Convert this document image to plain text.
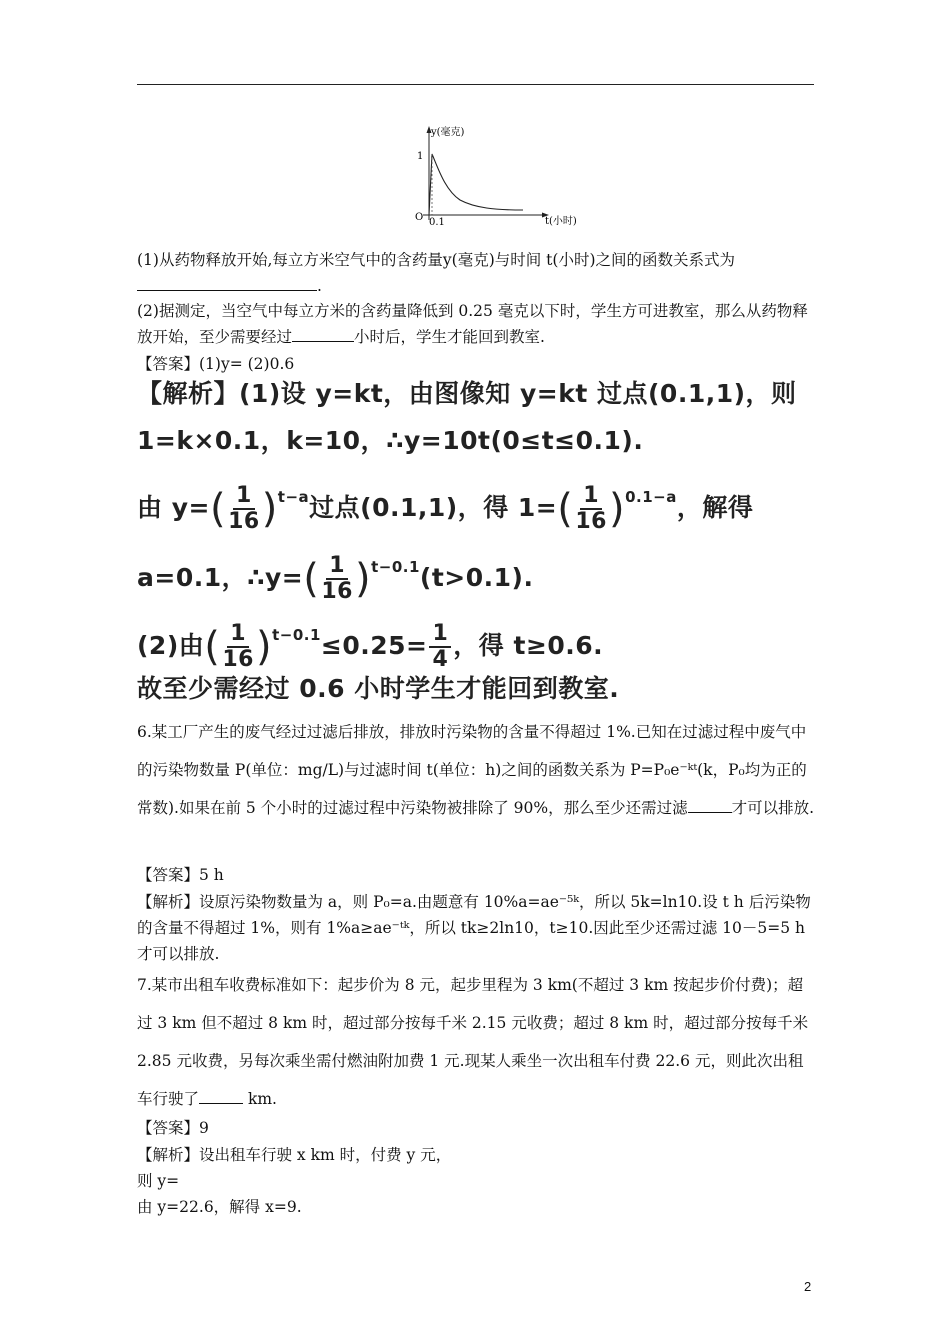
y(毫克)
t(小时)
1
0.1
O
(1)从药物释放开始,每立方米空气中的含药量y(毫克)与时间 t(小时)之间的函数关系式为.
(2)据测定，当空气中每立方米的含药量降低到 0.25 毫克以下时，学生方可进教室，那么从药物释放开始，至少需要经过	小时后，学生才能回到教室.
【答案】(1)y= (2)0.6
【解析】(1)设 y=kt，由图像知 y=kt 过点(0.1,1)，则
1=k×0.1，k=10，∴y=10t(0≤t≤0.1).
由 $y=( \frac{1}{16} )^{t-a}$过点(0.1,1)，得 $1=( \frac{1}{16} )^{0.1-a}$，解得
a=0.1，∴y=( $\frac{1}{16} )^{t-0.1}(t>0.1)$.
(2)由( $\frac{1}{16} )^{t-0.1}\le 0.25= \frac{1}{4}$ ，得 t≥0.6.
故至少需经过 0.6 小时学生才能回到教室.
6.某工厂产生的废气经过过滤后排放，排放时污染物的含量不得超过 1%.已知在过滤过程中废气中的污染物数量 P(单位：mg/L)与过滤时间 t(单位：h)之间的函数关系为 P=P₀e⁻ᵏᵗ(k，P₀均为正的常数).如果在前 5 个小时的过滤过程中污染物被排除了 90%，那么至少还需过滤	才可以排放.
【答案】5 h
【解析】设原污染物数量为 a，则 P₀=a.由题意有 10%a=ae⁻⁵ᵏ，所以 5k=ln10.设 t h 后污染物的含量不得超过 1%，则有 1%a≥ae⁻ᵗᵏ，所以 tk≥2ln10，t≥10.因此至少还需过滤 10－5=5 h 才可以排放.
7.某市出租车收费标准如下：起步价为 8 元，起步里程为 3 km(不超过 3 km 按起步价付费)；超过 3 km 但不超过 8 km 时，超过部分按每千米 2.15 元收费；超过 8 km 时，超过部分按每千米 2.85 元收费，另每次乘坐需付燃油附加费 1 元.现某人乘坐一次出租车付费 22.6 元，则此次出租车行驶了	km.
【答案】9
【解析】设出租车行驶 x km 时，付费 y 元，
则 y=
由 y=22.6，解得 x=9.
2
